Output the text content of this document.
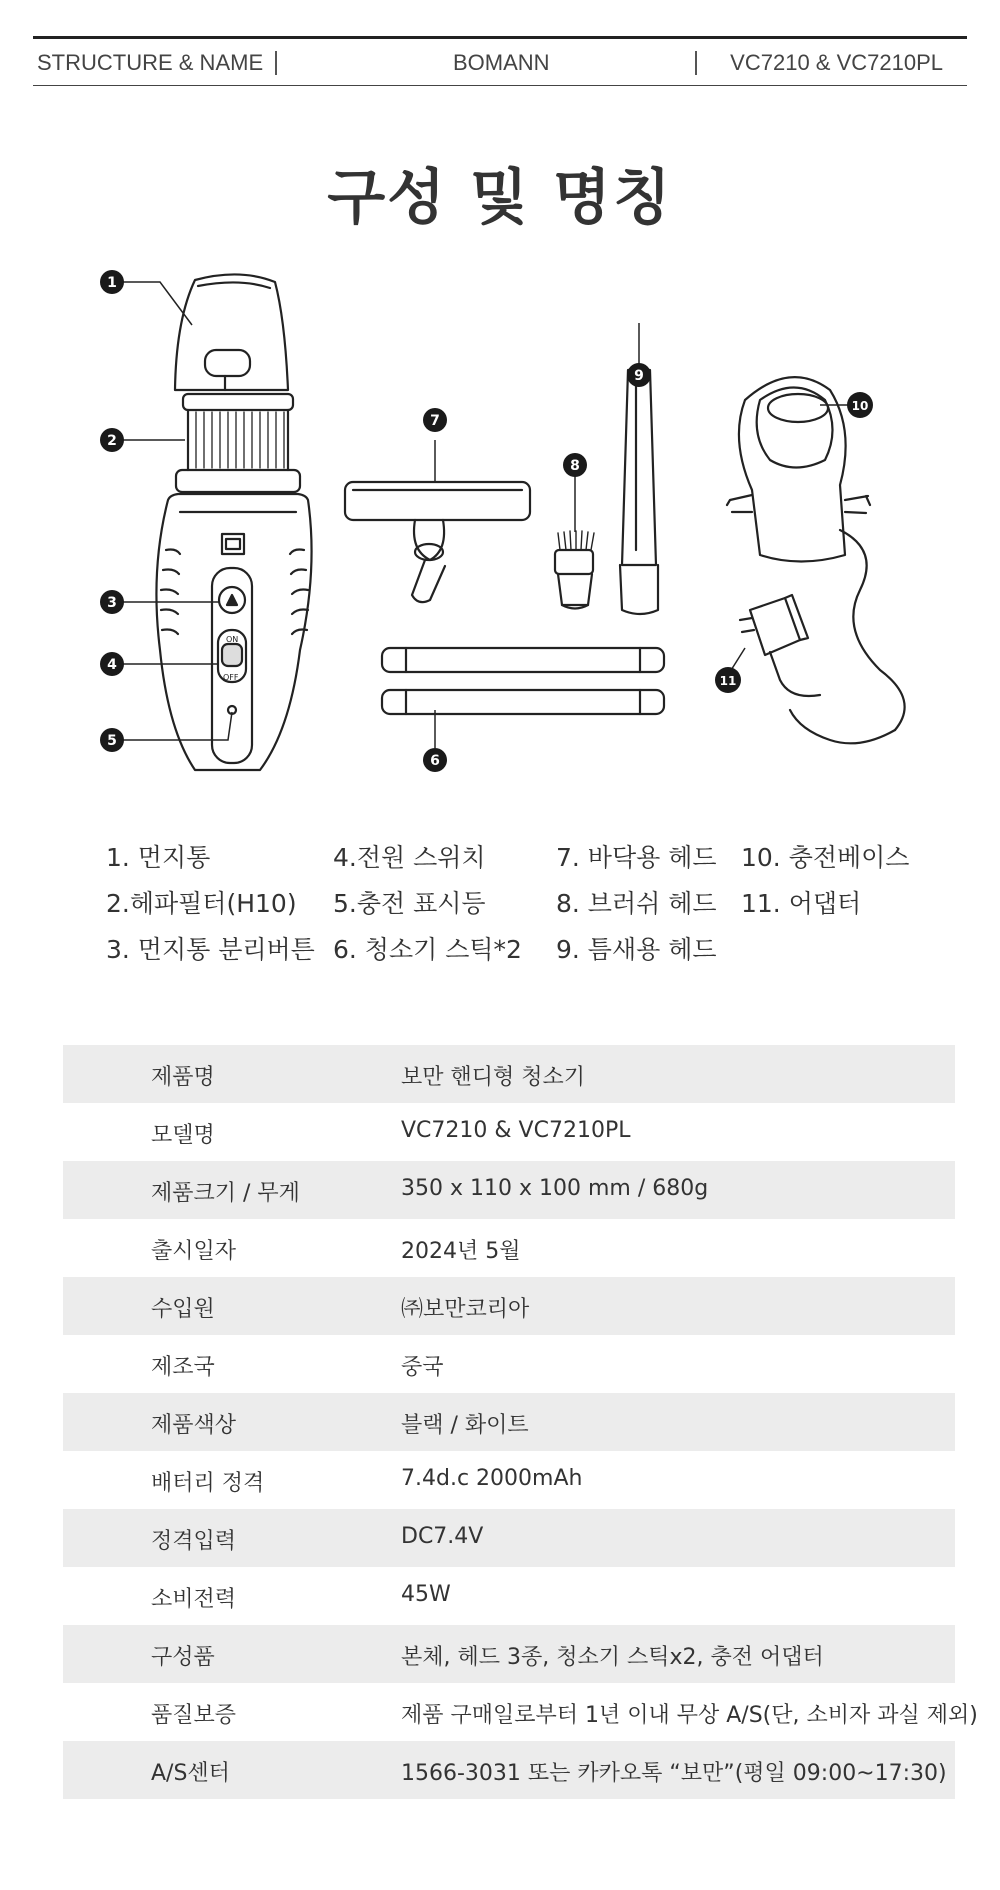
STRUCTURE & NAME	BOMANN	VC7210 & VC7210PL
구성 및 명칭
ON
OFF
1
2
3
4
5
6
7
8
9
10
11
1. 먼지통
2.헤파필터(H10)
3. 먼지통 분리버튼
4.전원 스위치
5.충전 표시등
6. 청소기 스틱*2
7. 바닥용 헤드
8. 브러쉬 헤드
9. 틈새용 헤드
10. 충전베이스
11. 어댑터
제품명	보만 핸디형 청소기
모델명	VC7210 & VC7210PL
제품크기 / 무게	350 x 110 x 100 mm / 680g
출시일자	2024년 5월
수입원	㈜보만코리아
제조국	중국
제품색상	블랙 / 화이트
배터리 정격	7.4d.c 2000mAh
정격입력	DC7.4V
소비전력	45W
구성품	본체, 헤드 3종, 청소기 스틱x2, 충전 어댑터
품질보증	제품 구매일로부터 1년 이내 무상 A/S(단, 소비자 과실 제외)
A/S센터	1566-3031 또는 카카오톡 “보만”(평일 09:00~17:30)
